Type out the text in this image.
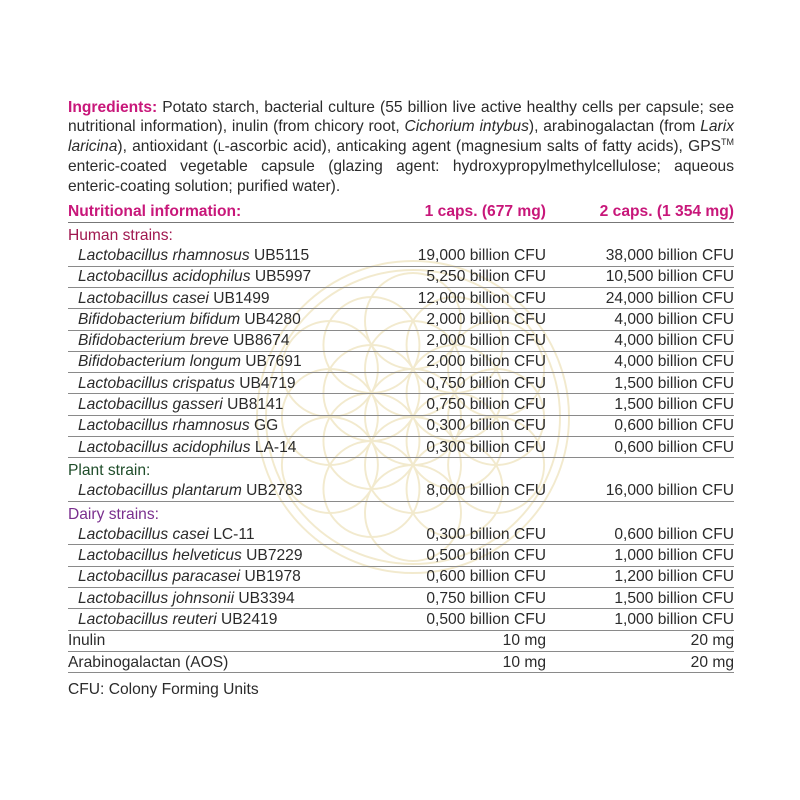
Ingredients: Potato starch, bacterial culture (55 billion live active healthy cells per capsule; see nutritional information), inulin (from chicory root, Cichorium intybus), arabinogalactan (from Larix laricina), antioxidant (L-ascorbic acid), anticaking agent (magnesium salts of fatty acids), GPS™ enteric-coated vegetable capsule (glazing agent: hydroxypropylmethylcellulose; aqueous enteric-coating solution; purified water).

Nutritional information:	1 caps. (677 mg)	2 caps. (1 354 mg)
Human strains:		
Lactobacillus rhamnosus UB5115	19,000 billion CFU	38,000 billion CFU
Lactobacillus acidophilus UB5997	5,250 billion CFU	10,500 billion CFU
Lactobacillus casei UB1499	12,000 billion CFU	24,000 billion CFU
Bifidobacterium bifidum UB4280	2,000 billion CFU	4,000 billion CFU
Bifidobacterium breve UB8674	2,000 billion CFU	4,000 billion CFU
Bifidobacterium longum UB7691	2,000 billion CFU	4,000 billion CFU
Lactobacillus crispatus UB4719	0,750 billion CFU	1,500 billion CFU
Lactobacillus gasseri UB8141	0,750 billion CFU	1,500 billion CFU
Lactobacillus rhamnosus GG	0,300 billion CFU	0,600 billion CFU
Lactobacillus acidophilus LA-14	0,300 billion CFU	0,600 billion CFU
Plant strain:		
Lactobacillus plantarum UB2783	8,000 billion CFU	16,000 billion CFU
Dairy strains:		
Lactobacillus casei LC-11	0,300 billion CFU	0,600 billion CFU
Lactobacillus helveticus UB7229	0,500 billion CFU	1,000 billion CFU
Lactobacillus paracasei UB1978	0,600 billion CFU	1,200 billion CFU
Lactobacillus johnsonii UB3394	0,750 billion CFU	1,500 billion CFU
Lactobacillus reuteri UB2419	0,500 billion CFU	1,000 billion CFU
Inulin	10 mg	20 mg
Arabinogalactan (AOS)	10 mg	20 mg
CFU: Colony Forming Units
